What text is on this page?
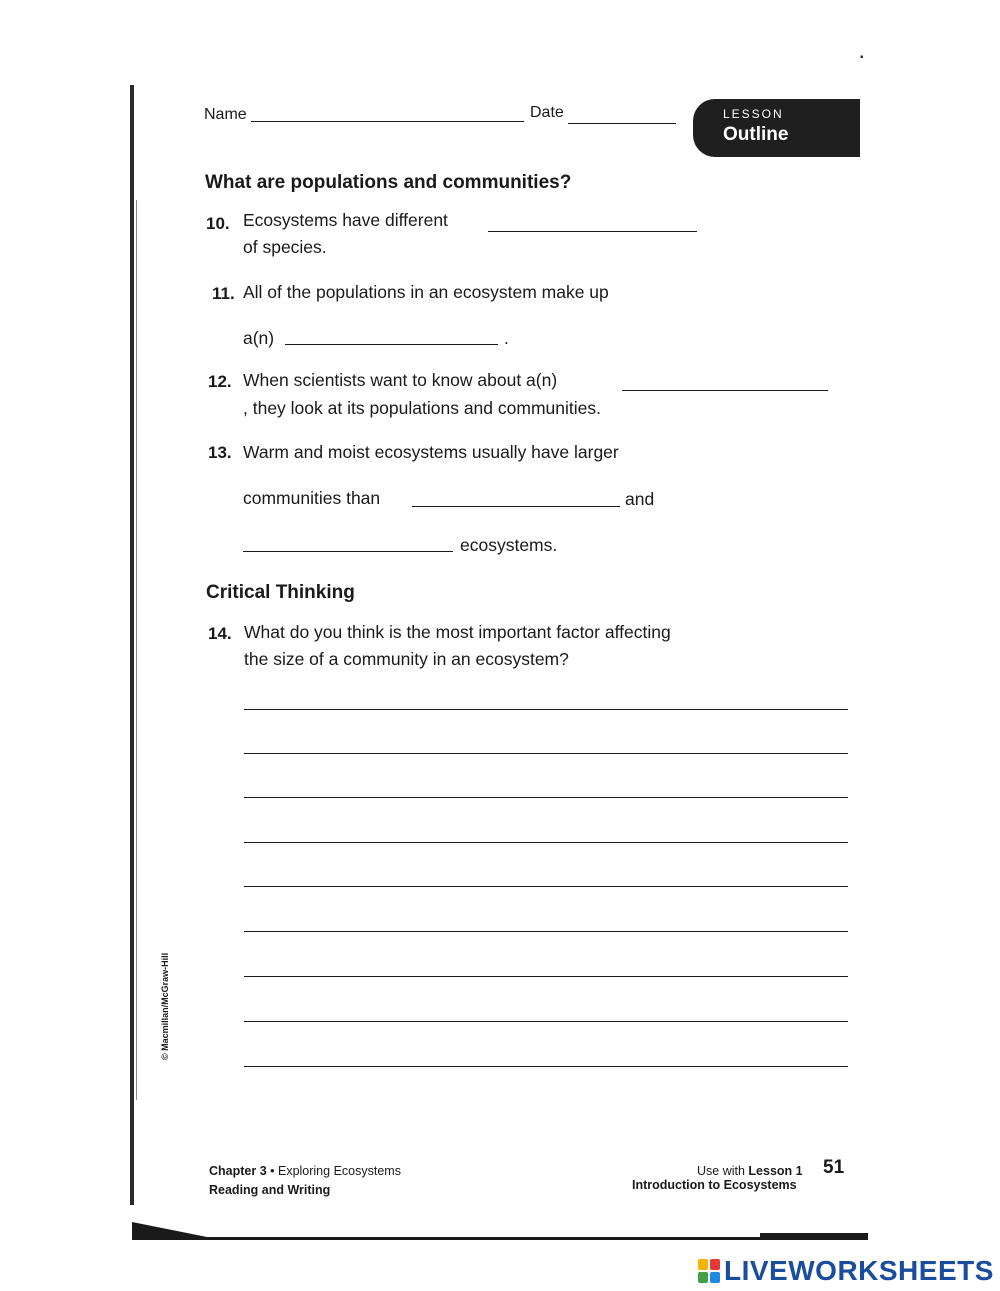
Name	Date	LESSON
Outline
What are populations and communities?
10. Ecosystems have different
of species.
11. All of the populations in an ecosystem make up
a(n)	.
12. When scientists want to know about a(n)
, they look at its populations and communities.
13. Warm and moist ecosystems usually have larger
communities than	and
ecosystems.
Critical Thinking
14. What do you think is the most important factor affecting
the size of a community in an ecosystem?
© Macmillan/McGraw-Hill
Chapter 3 • Exploring Ecosystems
Reading and Writing
Use with Lesson 1
Introduction to Ecosystems
51
▪
LIVEWORKSHEETS
